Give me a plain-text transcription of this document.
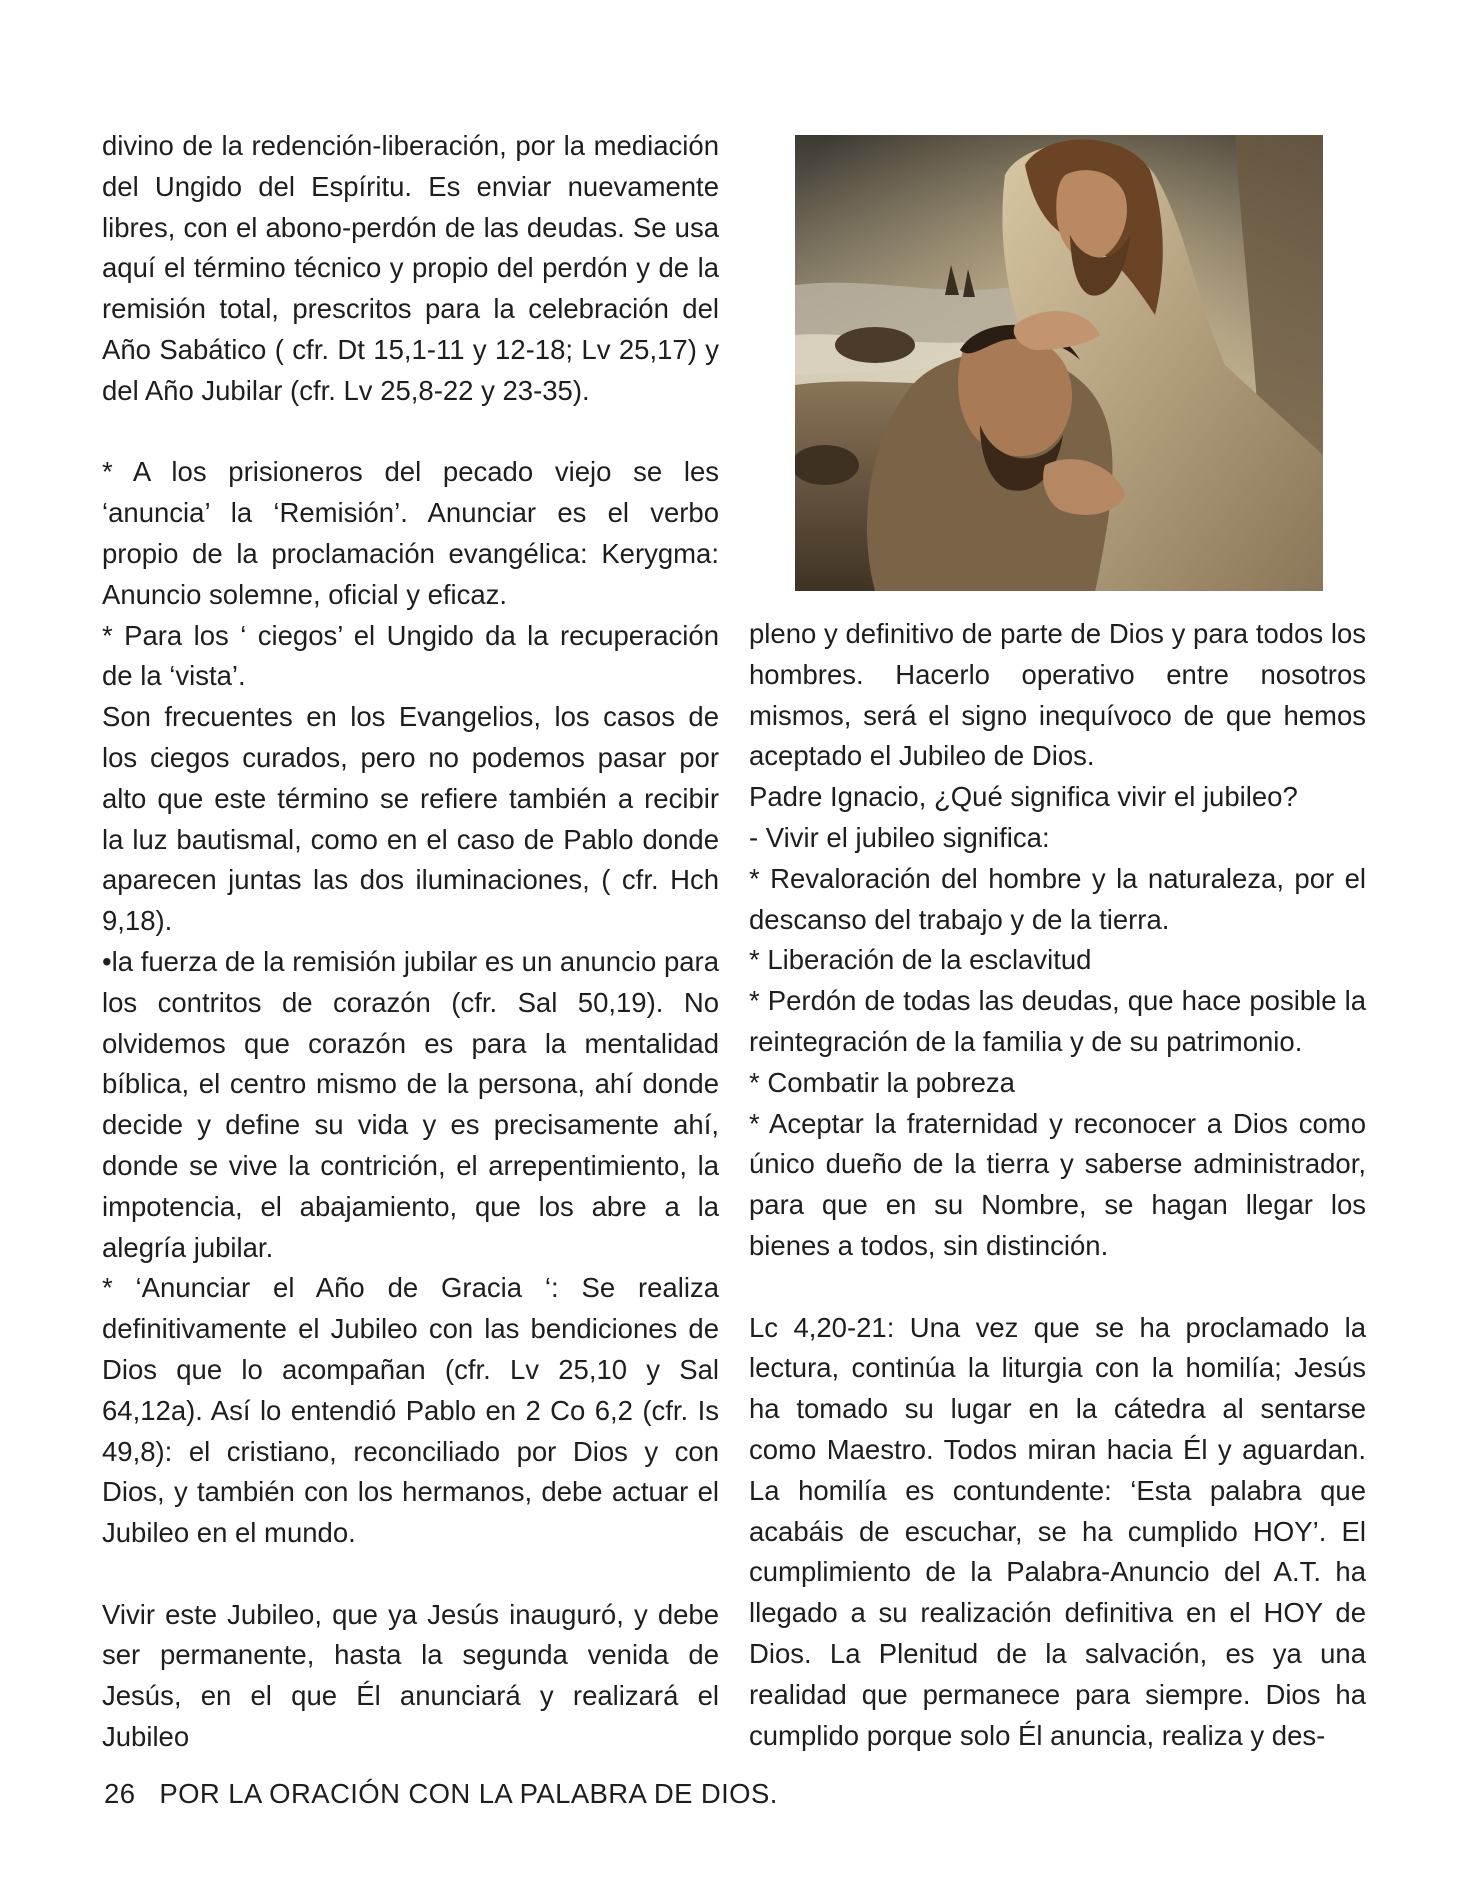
divino de la redención-liberación, por la mediación del Ungido del Espíritu. Es enviar nuevamente libres, con el abono-perdón de las deudas. Se usa aquí el término técnico y propio del perdón y de la remisión total, prescritos para la celebración del Año Sabático ( cfr. Dt 15,1-11 y 12-18; Lv 25,17) y del Año Jubilar (cfr. Lv 25,8-22 y 23-35).

* A los prisioneros del pecado viejo se les ‘anuncia’ la ‘Remisión’. Anunciar es el verbo propio de la proclamación evangélica: Kerygma: Anuncio solemne, oficial y eficaz.

* Para los ‘ ciegos’ el Ungido da la recuperación de la ‘vista’.

Son frecuentes en los Evangelios, los casos de los ciegos curados, pero no podemos pasar por alto que este término se refiere también a recibir la luz bautismal, como en el caso de Pablo donde aparecen juntas las dos iluminaciones, ( cfr. Hch 9,18).

•la fuerza de la remisión jubilar es un anuncio para los contritos de corazón (cfr. Sal 50,19). No olvidemos que corazón es para la mentalidad bíblica, el centro mismo de la persona, ahí donde decide y define su vida y es precisamente ahí, donde se vive la contrición, el arrepentimiento, la impotencia, el abajamiento, que los abre a la alegría jubilar.

* ‘Anunciar el Año de Gracia ‘: Se realiza definitivamente el Jubileo con las bendiciones de Dios que lo acompañan (cfr. Lv 25,10 y Sal 64,12a). Así lo entendió Pablo en 2 Co 6,2 (cfr. Is 49,8): el cristiano, reconciliado por Dios y con Dios, y también con los hermanos, debe actuar el Jubileo en el mundo.

Vivir este Jubileo, que ya Jesús inauguró, y debe ser permanente, hasta la segunda venida de Jesús, en el que Él anunciará y realizará el Jubileo

pleno y definitivo de parte de Dios y para todos los hombres. Hacerlo operativo entre nosotros mismos, será el signo inequívoco de que hemos aceptado el Jubileo de Dios.

Padre Ignacio, ¿Qué significa vivir el jubileo?

- Vivir el jubileo significa:

* Revaloración del hombre y la naturaleza, por el descanso del trabajo y de la tierra.

* Liberación de la esclavitud

* Perdón de todas las deudas, que hace posible la reintegración de la familia y de su patrimonio.

* Combatir la pobreza

* Aceptar la fraternidad y reconocer a Dios como único dueño de la tierra y saberse administrador, para que en su Nombre, se hagan llegar los bienes a todos, sin distinción.

Lc 4,20-21: Una vez que se ha proclamado la lectura, continúa la liturgia con la homilía; Jesús ha tomado su lugar en la cátedra al sentarse como Maestro. Todos miran hacia Él y aguardan. La homilía es contundente: ‘Esta palabra que acabáis de escuchar, se ha cumplido HOY’. El cumplimiento de la Palabra-Anuncio del A.T. ha llegado a su realización definitiva en el HOY de Dios. La Plenitud de la salvación, es ya una realidad que permanece para siempre. Dios ha cumplido porque solo Él anuncia, realiza y des-

26 POR LA ORACIÓN CON LA PALABRA DE DIOS.
